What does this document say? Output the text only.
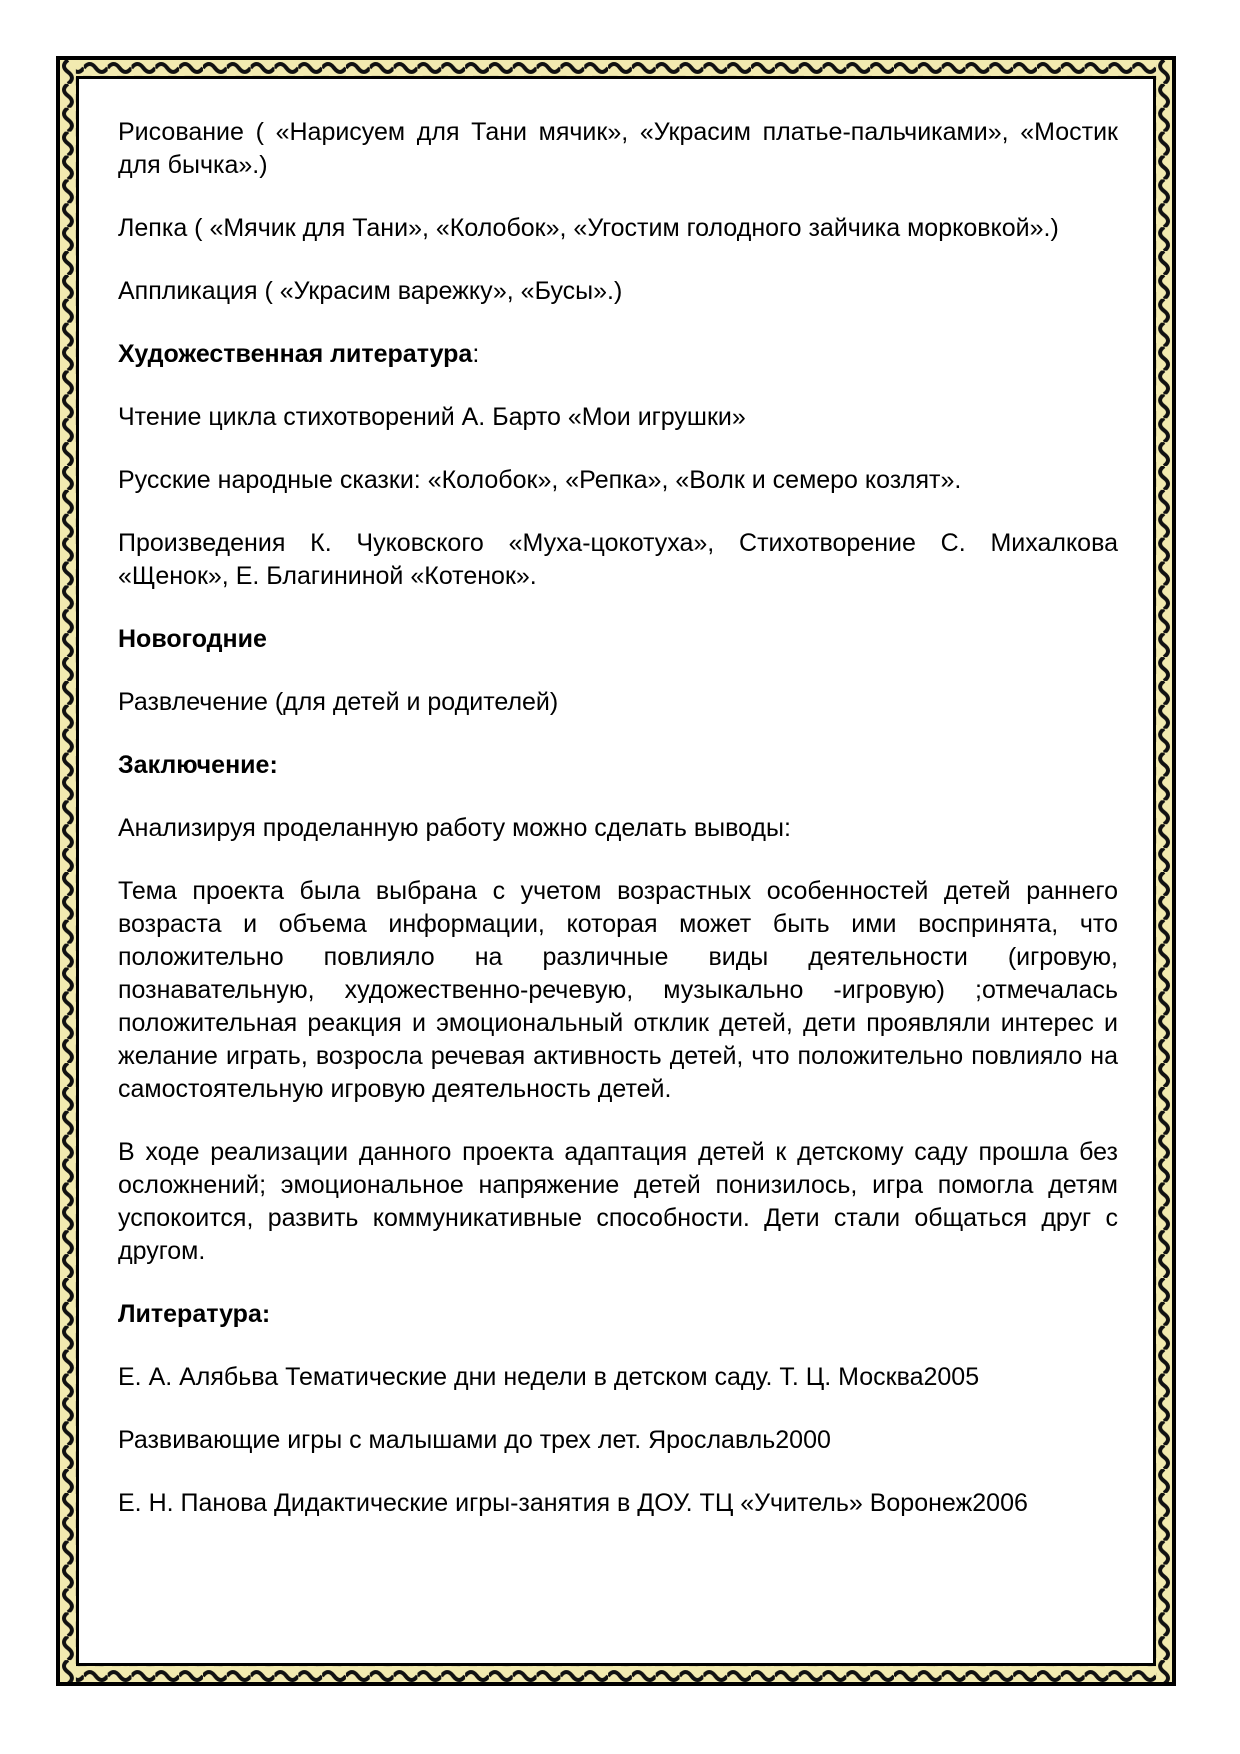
Рисование ( «Нарисуем для Тани мячик», «Украсим платье-пальчиками», «Мостик для бычка».)

Лепка ( «Мячик для Тани», «Колобок», «Угостим голодного зайчика морковкой».)

Аппликация ( «Украсим варежку», «Бусы».)

Художественная литература:

Чтение цикла стихотворений А. Барто «Мои игрушки»

Русские народные сказки: «Колобок», «Репка», «Волк и семеро козлят».

Произведения К. Чуковского «Муха-цокотуха», Стихотворение С. Михалкова «Щенок», Е. Благининой «Котенок».

Новогодние

Развлечение (для детей и родителей)

Заключение:

Анализируя проделанную работу можно сделать выводы:

Тема проекта была выбрана с учетом возрастных особенностей детей раннего возраста и объема информации, которая может быть ими воспринята, что положительно повлияло на различные виды деятельности (игровую, познавательную, художественно-речевую, музыкально -игровую) ;отмечалась положительная реакция и эмоциональный отклик детей, дети проявляли интерес и желание играть, возросла речевая активность детей, что положительно повлияло на самостоятельную игровую деятельность детей.

В ходе реализации данного проекта адаптация детей к детскому саду прошла без осложнений; эмоциональное напряжение детей понизилось, игра помогла детям успокоится, развить коммуникативные способности. Дети стали общаться друг с другом.

Литература:

Е. А. Алябьва Тематические дни недели в детском саду. Т. Ц. Москва2005

Развивающие игры с малышами до трех лет. Ярославль2000

Е. Н. Панова Дидактические игры-занятия в ДОУ. ТЦ «Учитель» Воронеж2006
